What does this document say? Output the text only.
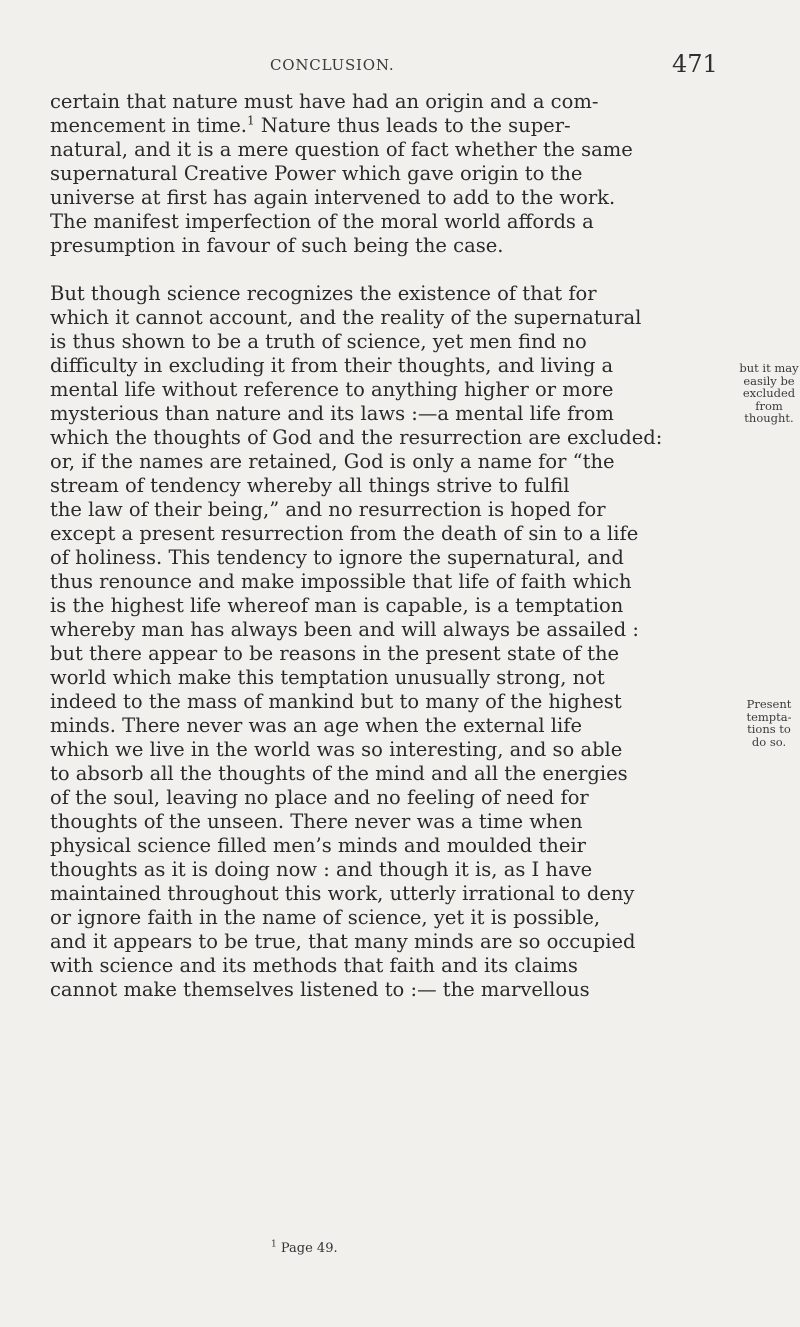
CONCLUSION.	471
certain that nature must have had an origin and a com-
mencement in time.$^1$ Nature thus leads to the super-
natural, and it is a mere question of fact whether the same
supernatural Creative Power which gave origin to the
universe at first has again intervened to add to the work.
The manifest imperfection of the moral world affords a
presumption in favour of such being the case.
But though science recognizes the existence of that for
which it cannot account, and the reality of the supernatural
is thus shown to be a truth of science, yet men find no
difficulty in excluding it from their thoughts, and living a
mental life without reference to anything higher or more
mysterious than nature and its laws :—a mental life from
which the thoughts of God and the resurrection are excluded:
or, if the names are retained, God is only a name for “the
stream of tendency whereby all things strive to fulfil
the law of their being,” and no resurrection is hoped for
except a present resurrection from the death of sin to a life
of holiness. This tendency to ignore the supernatural, and
thus renounce and make impossible that life of faith which
is the highest life whereof man is capable, is a temptation
whereby man has always been and will always be assailed :
but there appear to be reasons in the present state of the
world which make this temptation unusually strong, not
indeed to the mass of mankind but to many of the highest
minds. There never was an age when the external life
which we live in the world was so interesting, and so able
to absorb all the thoughts of the mind and all the energies
of the soul, leaving no place and no feeling of need for
thoughts of the unseen. There never was a time when
physical science filled men’s minds and moulded their
thoughts as it is doing now : and though it is, as I have
maintained throughout this work, utterly irrational to deny
or ignore faith in the name of science, yet it is possible,
and it appears to be true, that many minds are so occupied
with science and its methods that faith and its claims
cannot make themselves listened to :— the marvellous
but it may
easily be
excluded
from
thought.
Present
tempta-
tions to
do so.
$^1$ Page 49.
